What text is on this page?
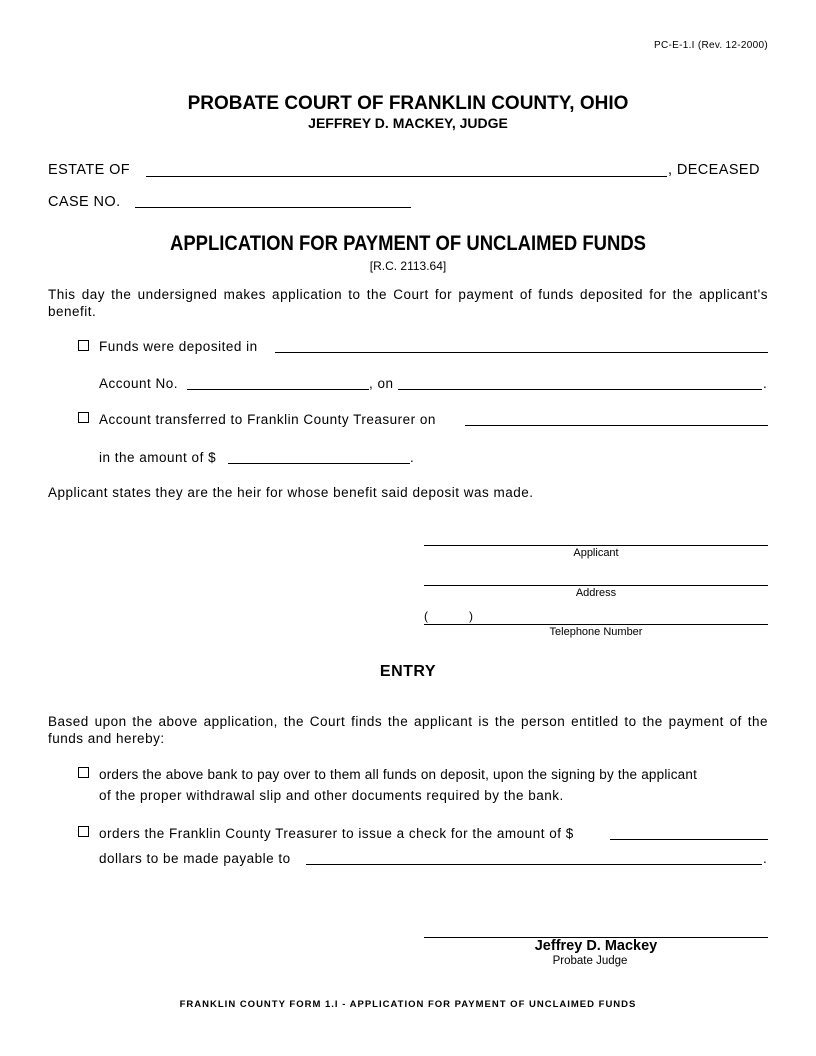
PC-E-1.I (Rev. 12-2000)
PROBATE COURT OF FRANKLIN COUNTY, OHIO
JEFFREY D. MACKEY, JUDGE
ESTATE OF	, DECEASED
CASE NO.
APPLICATION FOR PAYMENT OF UNCLAIMED FUNDS
[R.C. 2113.64]
This day the undersigned makes application to the Court for payment of funds deposited for the applicant's benefit.
Funds were deposited in
Account No.	, on	.
Account transferred to Franklin County Treasurer on
in the amount of $	.
Applicant states they are the heir for whose benefit said deposit was made.
Applicant
Address
(	)
Telephone Number
ENTRY
Based upon the above application, the Court finds the applicant is the person entitled to the payment of the funds and hereby:
orders the above bank to pay over to them all funds on deposit, upon the signing by the applicant
of the proper withdrawal slip and other documents required by the bank.
orders the Franklin County Treasurer to issue a check for the amount of $
dollars to be made payable to	.
Jeffrey D. Mackey
Probate Judge
FRANKLIN COUNTY FORM 1.I - APPLICATION FOR PAYMENT OF UNCLAIMED FUNDS
